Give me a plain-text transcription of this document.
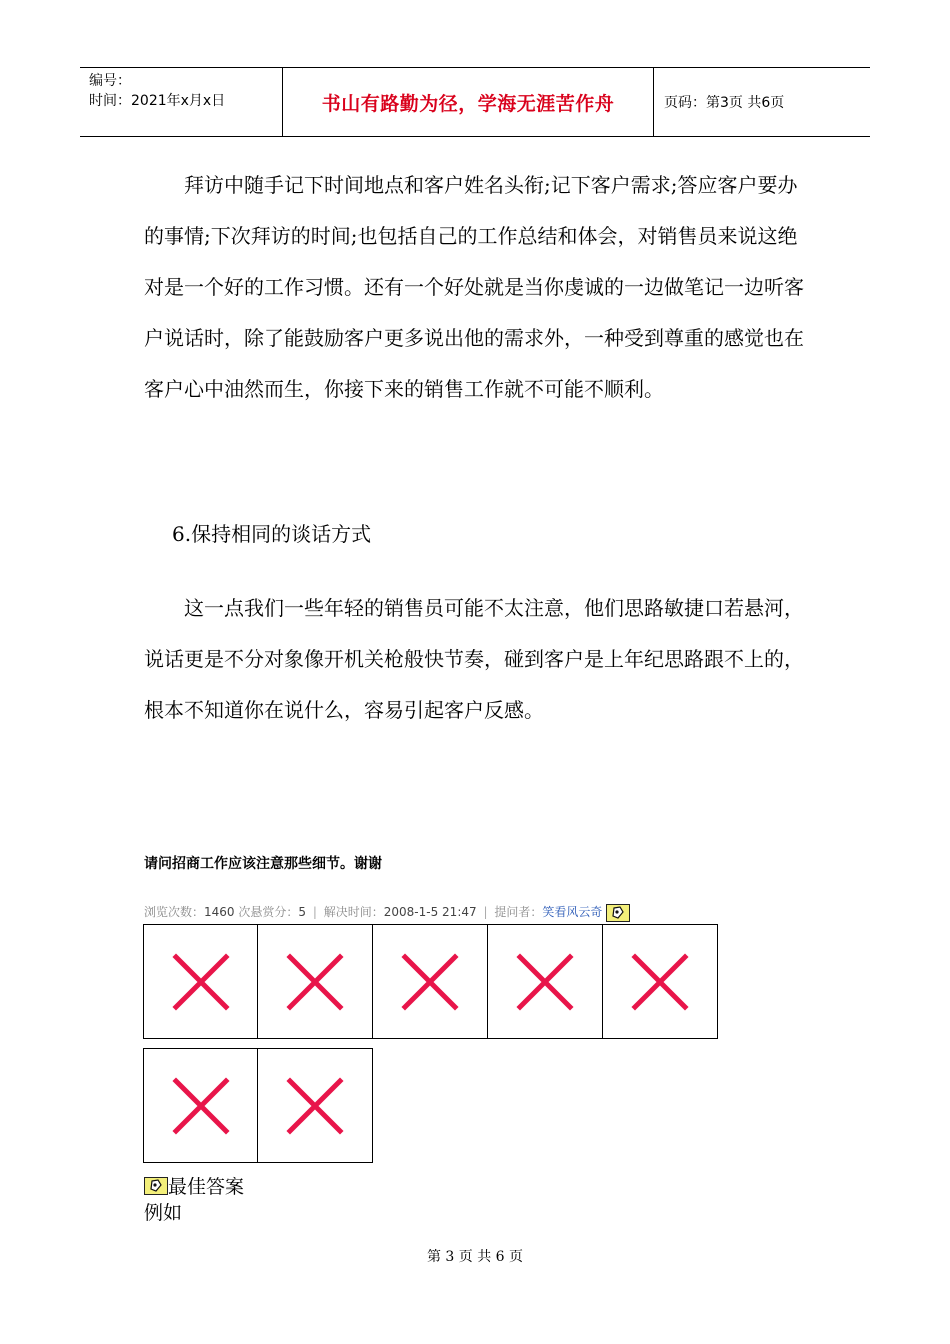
编号：
时间：2021年x月x日	书山有路勤为径，学海无涯苦作舟	页码：第3页 共6页

拜访中随手记下时间地点和客户姓名头衔;记下客户需求;答应客户要办的事情;下次拜访的时间;也包括自己的工作总结和体会，对销售员来说这绝对是一个好的工作习惯。还有一个好处就是当你虔诚的一边做笔记一边听客户说话时，除了能鼓励客户更多说出他的需求外，一种受到尊重的感觉也在客户心中油然而生，你接下来的销售工作就不可能不顺利。

6.保持相同的谈话方式

这一点我们一些年轻的销售员可能不太注意，他们思路敏捷口若悬河，说话更是不分对象像开机关枪般快节奏，碰到客户是上年纪思路跟不上的，根本不知道你在说什么，容易引起客户反感。

请问招商工作应该注意那些细节。谢谢
浏览次数：1460 次悬赏分：5 | 解决时间：2008-1-5 21:47 | 提问者：笑看风云奇
最佳答案
例如
第 3 页 共 6 页
